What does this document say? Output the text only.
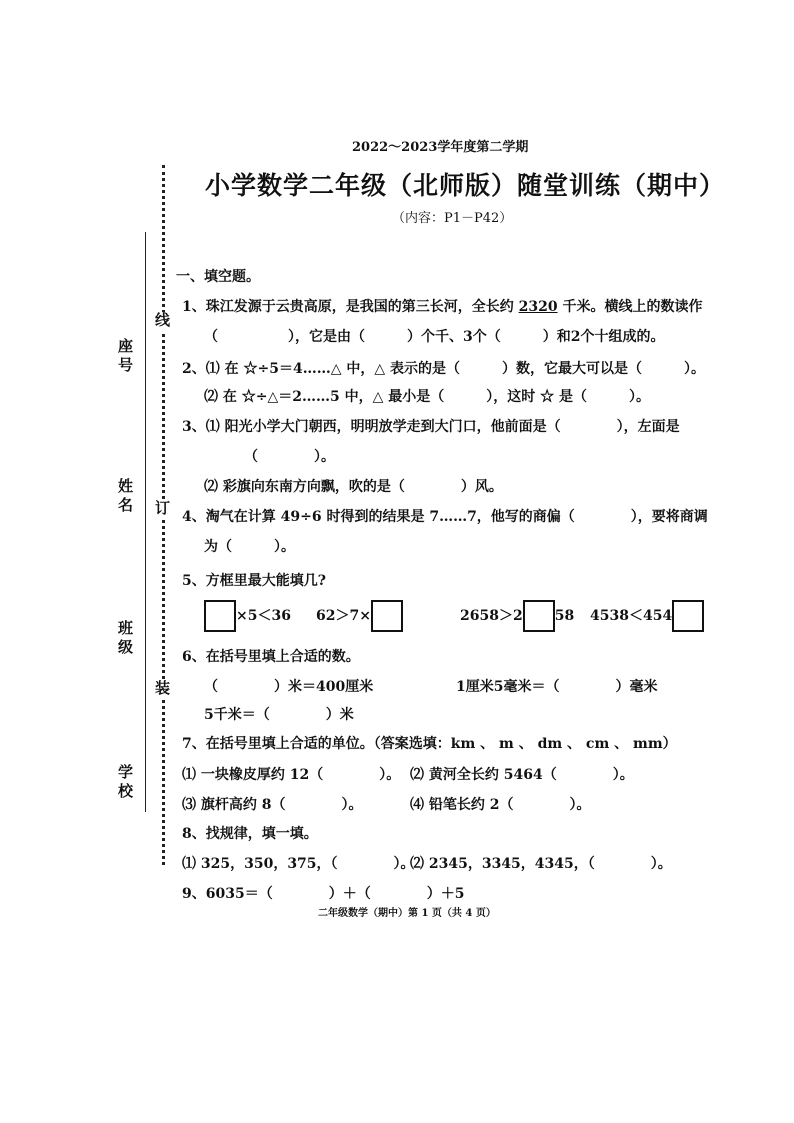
座号
姓名
班级
学校
线
订
装
2022～2023学年度第二学期
小学数学二年级（北师版）随堂训练（期中）
（内容：P1－P42）
一、填空题。
1、珠江发源于云贵高原，是我国的第三长河，全长约 2320 千米。横线上的数读作
（　　　　　），它是由（　　　）个千、3个（　　　）和2个十组成的。
2、⑴ 在 ☆÷5＝4……△ 中，△ 表示的是（　　　）数，它最大可以是（　　　）。
⑵ 在 ☆÷△＝2……5 中，△ 最小是（　　　），这时 ☆ 是（　　　）。
3、⑴ 阳光小学大门朝西，明明放学走到大门口，他前面是（　　　　），左面是
（　　　　）。
⑵ 彩旗向东南方向飘，吹的是（　　　　）风。
4、淘气在计算 49÷6 时得到的结果是 7……7，他写的商偏（　　　　），要将商调
为（　　　）。
5、方框里最大能填几?
×5＜36 62＞7×	2658＞2 58 4538＜454
6、在括号里填上合适的数。
（　　　　）米＝400厘米	1厘米5毫米＝（　　　　）毫米
5千米＝（　　　　）米
7、在括号里填上合适的单位。（答案选填：km 、 m 、 dm 、 cm 、 mm）
⑴ 一块橡皮厚约 12（　　　　）。 ⑵ 黄河全长约 5464（　　　　）。
⑶ 旗杆高约 8（　　　　）。	⑷ 铅笔长约 2（　　　　）。
8、找规律，填一填。
⑴ 325，350，375，（　　　　）。
⑵ 2345，3345，4345，（　　　　）。
9、6035＝（　　　　）＋（　　　　）＋5
二年级数学（期中）第 1 页（共 4 页）
